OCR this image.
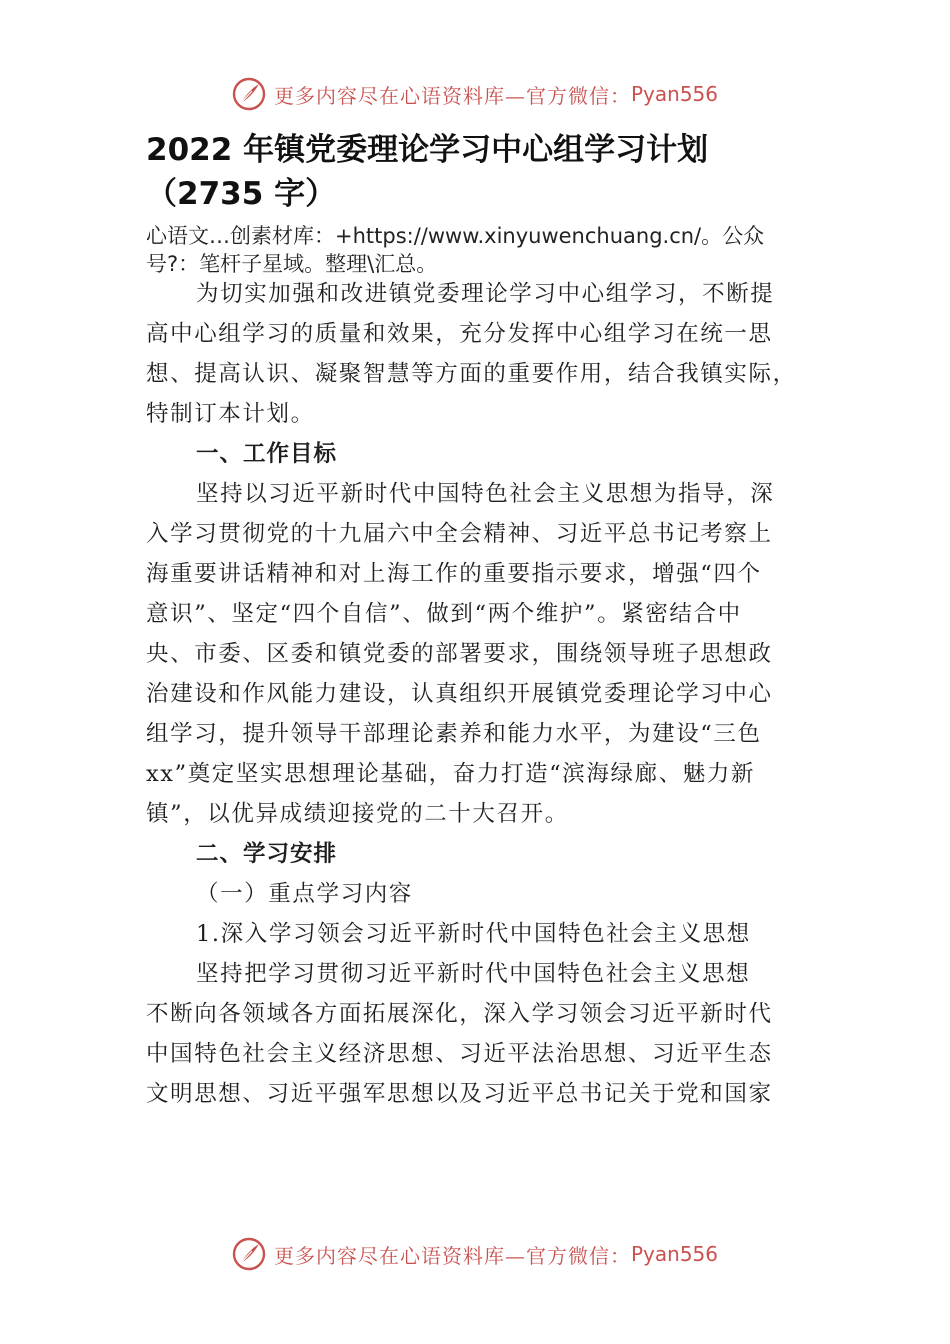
更多内容尽在心语资料库—官方微信： Pyan556
2022 年镇党委理论学习中心组学习计划
（2735 字）
心语文…创素材库：+https://www.xinyuwenchuang.cn/。公众
号?：笔杆子星域。整理\汇总。
为切实加强和改进镇党委理论学习中心组学习，不断提
高中心组学习的质量和效果，充分发挥中心组学习在统一思
想、提高认识、凝聚智慧等方面的重要作用，结合我镇实际，
特制订本计划。
一、工作目标
坚持以习近平新时代中国特色社会主义思想为指导，深
入学习贯彻党的十九届六中全会精神、习近平总书记考察上
海重要讲话精神和对上海工作的重要指示要求，增强“四个
意识”、坚定“四个自信”、做到“两个维护”。紧密结合中
央、市委、区委和镇党委的部署要求，围绕领导班子思想政
治建设和作风能力建设，认真组织开展镇党委理论学习中心
组学习，提升领导干部理论素养和能力水平，为建设“三色
xx”奠定坚实思想理论基础，奋力打造“滨海绿廊、魅力新
镇”，以优异成绩迎接党的二十大召开。
二、学习安排
（一）重点学习内容
1.深入学习领会习近平新时代中国特色社会主义思想
坚持把学习贯彻习近平新时代中国特色社会主义思想
不断向各领域各方面拓展深化，深入学习领会习近平新时代
中国特色社会主义经济思想、习近平法治思想、习近平生态
文明思想、习近平强军思想以及习近平总书记关于党和国家
更多内容尽在心语资料库—官方微信： Pyan556
